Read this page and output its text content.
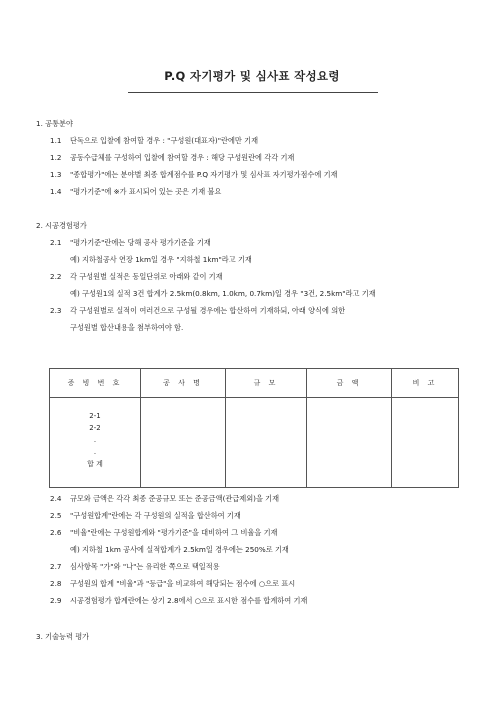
P.Q 자기평가 및 심사표 작성요령
1. 공통분야
1.1 단독으로 입찰에 참여할 경우 : "구성원(대표자)"란에만 기재
1.2 공동수급체를 구성하여 입찰에 참여할 경우 : 해당 구성원란에 각각 기재
1.3 "종합평가"에는 분야별 최종 합계점수를 P.Q 자기평가 및 심사표 자기평가점수에 기재
1.4 "평가기준"에 ※가 표시되어 있는 곳은 기재 불요
2. 시공경험평가
2.1 "평가기준"란에는 당해 공사 평가기준을 기재
예) 지하철공사 연장 1km일 경우 "지하철 1km"라고 기재
2.2 각 구성원별 실적은 동일단위로 아래와 같이 기재
예) 구성원1의 실적 3건 합계가 2.5km(0.8km, 1.0km, 0.7km)일 경우 "3건, 2.5km"라고 기재
2.3 각 구성원별로 실적이 여러건으로 구성될 경우에는 합산하여 기재하되, 아래 양식에 의한
구성원별 합산내용을 첨부하여야 함.
증 빙 번 호	공 사 명	규 모	금 액	비 고

2-1
2-2
.
.
합 계				

2.4 규모와 금액은 각각 최종 준공규모 또는 준공금액(관급제외)을 기재
2.5 "구성원합계"란에는 각 구성원의 실적을 합산하여 기재
2.6 "비율"란에는 구성원합계와 "평가기준"을 대비하여 그 비율을 기재
예) 지하철 1km 공사에 실적합계가 2.5km일 경우에는 250%로 기재
2.7 심사항목 "가"와 "나"는 유리한 쪽으로 택일적용
2.8 구성원의 합계 "비율"과 "등급"을 비교하여 해당되는 점수에 ○으로 표시
2.9 시공경험평가 합계란에는 상기 2.8에서 ○으로 표시한 점수를 합계하여 기재
3. 기술능력 평가
